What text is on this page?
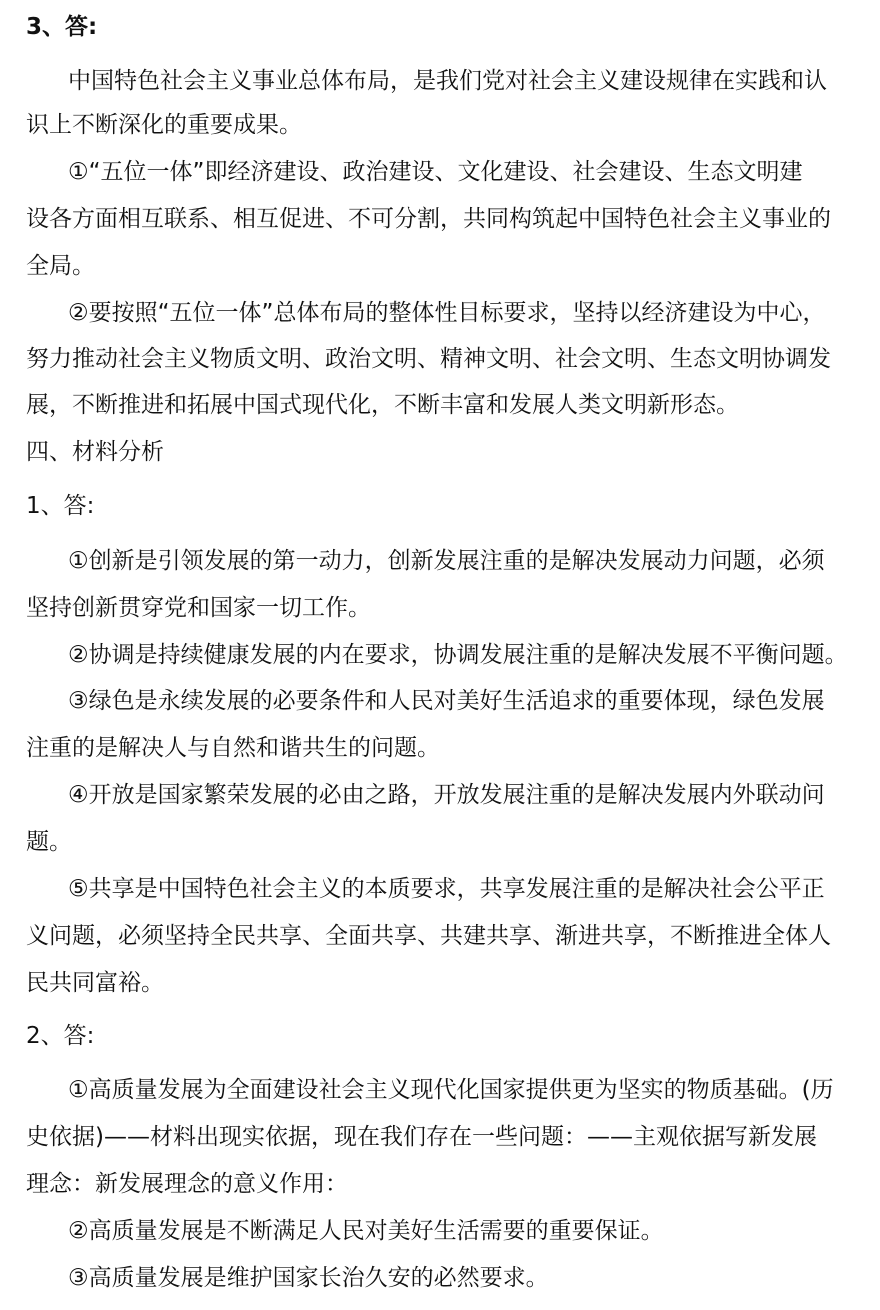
3、答:
中国特色社会主义事业总体布局，是我们党对社会主义建设规律在实践和认
识上不断深化的重要成果。
①“五位一体”即经济建设、政治建设、文化建设、社会建设、生态文明建
设各方面相互联系、相互促进、不可分割，共同构筑起中国特色社会主义事业的
全局。
②要按照“五位一体”总体布局的整体性目标要求，坚持以经济建设为中心，
努力推动社会主义物质文明、政治文明、精神文明、社会文明、生态文明协调发
展，不断推进和拓展中国式现代化，不断丰富和发展人类文明新形态。
四、材料分析
1、答:
①创新是引领发展的第一动力，创新发展注重的是解决发展动力问题，必须
坚持创新贯穿党和国家一切工作。
②协调是持续健康发展的内在要求，协调发展注重的是解决发展不平衡问题。
③绿色是永续发展的必要条件和人民对美好生活追求的重要体现，绿色发展
注重的是解决人与自然和谐共生的问题。
④开放是国家繁荣发展的必由之路，开放发展注重的是解决发展内外联动问
题。
⑤共享是中国特色社会主义的本质要求，共享发展注重的是解决社会公平正
义问题，必须坚持全民共享、全面共享、共建共享、渐进共享，不断推进全体人
民共同富裕。
2、答:
①高质量发展为全面建设社会主义现代化国家提供更为坚实的物质基础。(历
史依据)——材料出现实依据，现在我们存在一些问题：——主观依据写新发展
理念：新发展理念的意义作用：
②高质量发展是不断满足人民对美好生活需要的重要保证。
③高质量发展是维护国家长治久安的必然要求。
